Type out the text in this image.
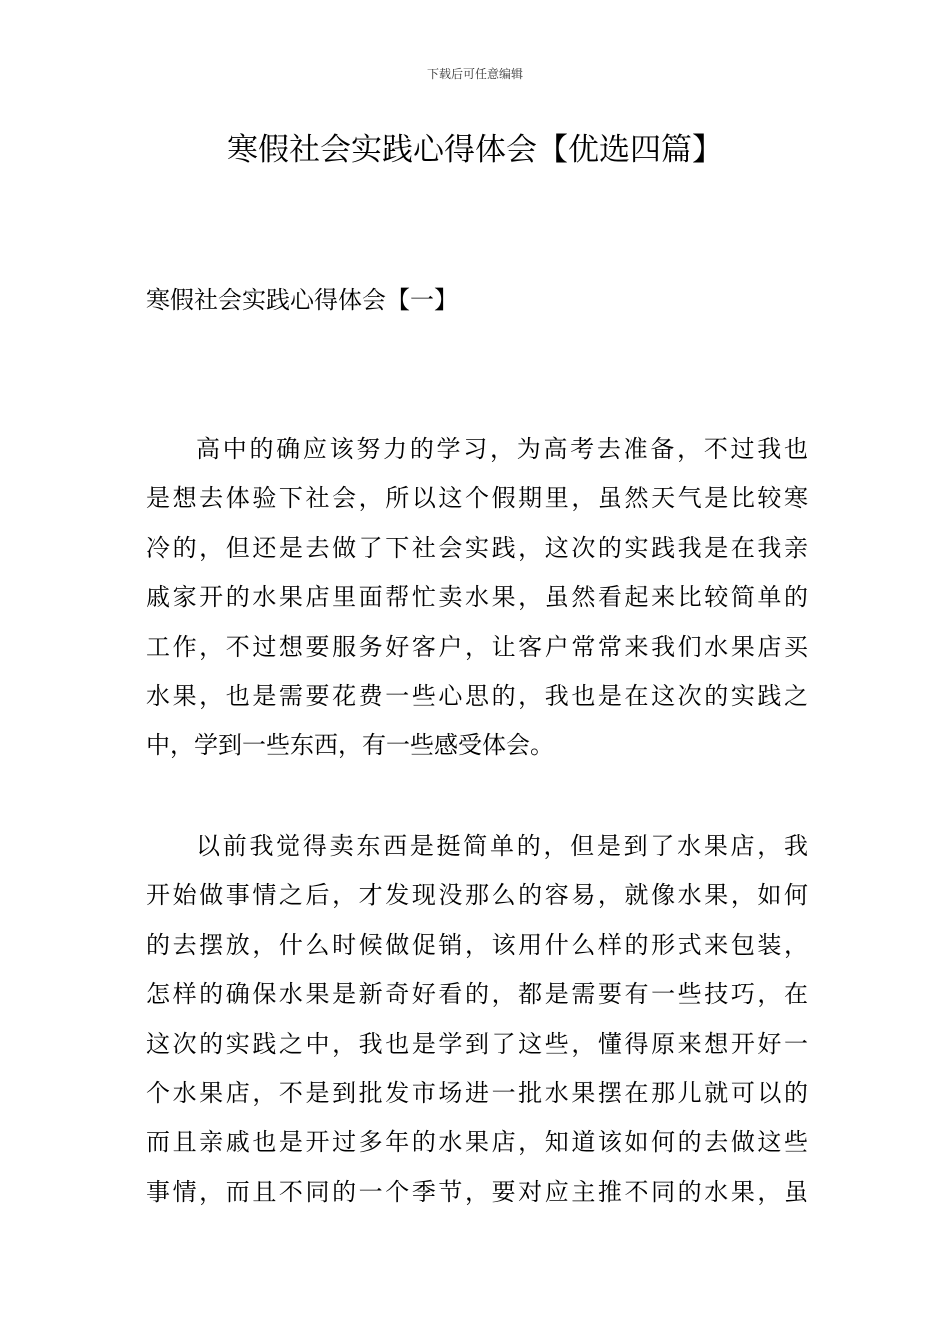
下载后可任意编辑
寒假社会实践心得体会【优选四篇】
寒假社会实践心得体会【一】

高中的确应该努力的学习，为高考去准备，不过我也
是想去体验下社会，所以这个假期里，虽然天气是比较寒
冷的，但还是去做了下社会实践，这次的实践我是在我亲
戚家开的水果店里面帮忙卖水果，虽然看起来比较简单的
工作，不过想要服务好客户，让客户常常来我们水果店买
水果，也是需要花费一些心思的，我也是在这次的实践之
中，学到一些东西，有一些感受体会。

以前我觉得卖东西是挺简单的，但是到了水果店，我
开始做事情之后，才发现没那么的容易，就像水果，如何
的去摆放，什么时候做促销，该用什么样的形式来包装，
怎样的确保水果是新奇好看的，都是需要有一些技巧，在
这次的实践之中，我也是学到了这些，懂得原来想开好一
个水果店，不是到批发市场进一批水果摆在那儿就可以的
而且亲戚也是开过多年的水果店，知道该如何的去做这些
事情，而且不同的一个季节，要对应主推不同的水果，虽
